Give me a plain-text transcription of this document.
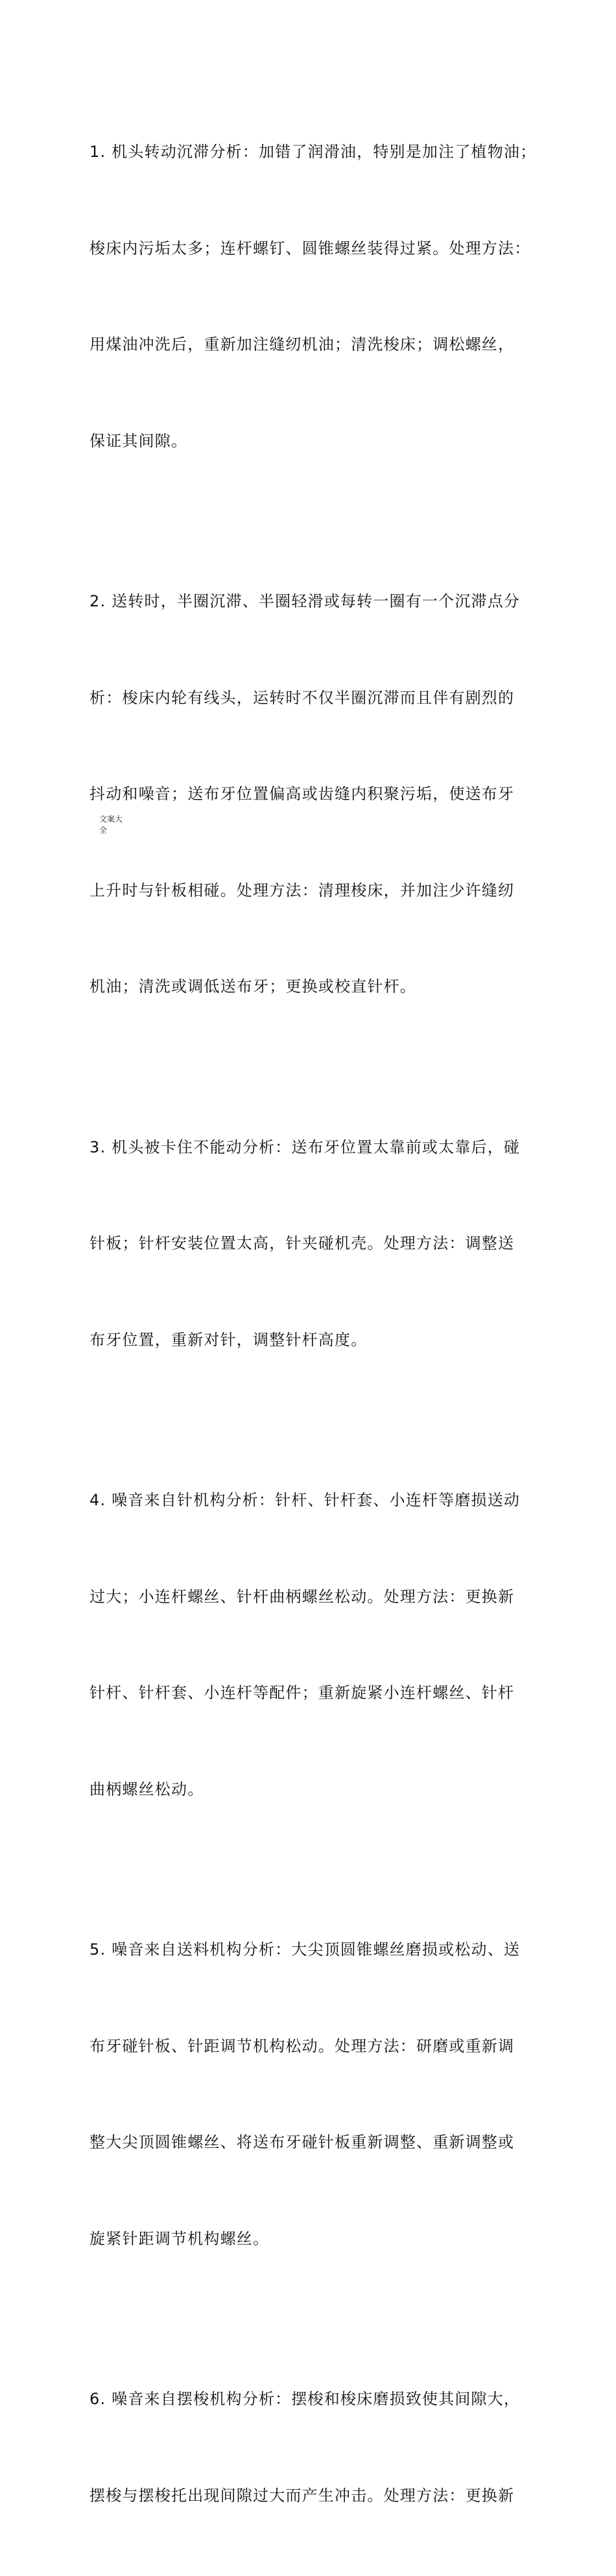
1. 机头转动沉滞分析：加错了润滑油，特别是加注了植物油；

梭床内污垢太多；连杆螺钉、圆锥螺丝装得过紧。处理方法：

用煤油冲洗后，重新加注缝纫机油；清洗梭床；调松螺丝，

保证其间隙。

2. 送转时，半圈沉滞、半圈轻滑或每转一圈有一个沉滞点分

析：梭床内轮有线头，运转时不仅半圈沉滞而且伴有剧烈的

抖动和噪音；送布牙位置偏高或齿缝内积聚污垢，使送布牙

上升时与针板相碰。处理方法：清理梭床，并加注少许缝纫

机油；清洗或调低送布牙；更换或校直针杆。

3. 机头被卡住不能动分析：送布牙位置太靠前或太靠后，碰

针板；针杆安装位置太高，针夹碰机壳。处理方法：调整送

布牙位置，重新对针，调整针杆高度。

4. 噪音来自针机构分析：针杆、针杆套、小连杆等磨损送动

过大；小连杆螺丝、针杆曲柄螺丝松动。处理方法：更换新

针杆、针杆套、小连杆等配件；重新旋紧小连杆螺丝、针杆

曲柄螺丝松动。

5. 噪音来自送料机构分析：大尖顶圆锥螺丝磨损或松动、送

布牙碰针板、针距调节机构松动。处理方法：研磨或重新调

整大尖顶圆锥螺丝、将送布牙碰针板重新调整、重新调整或

旋紧针距调节机构螺丝。

6. 噪音来自摆梭机构分析：摆梭和梭床磨损致使其间隙大，

摆梭与摆梭托出现间隙过大而产生冲击。处理方法：更换新

文案大
全
